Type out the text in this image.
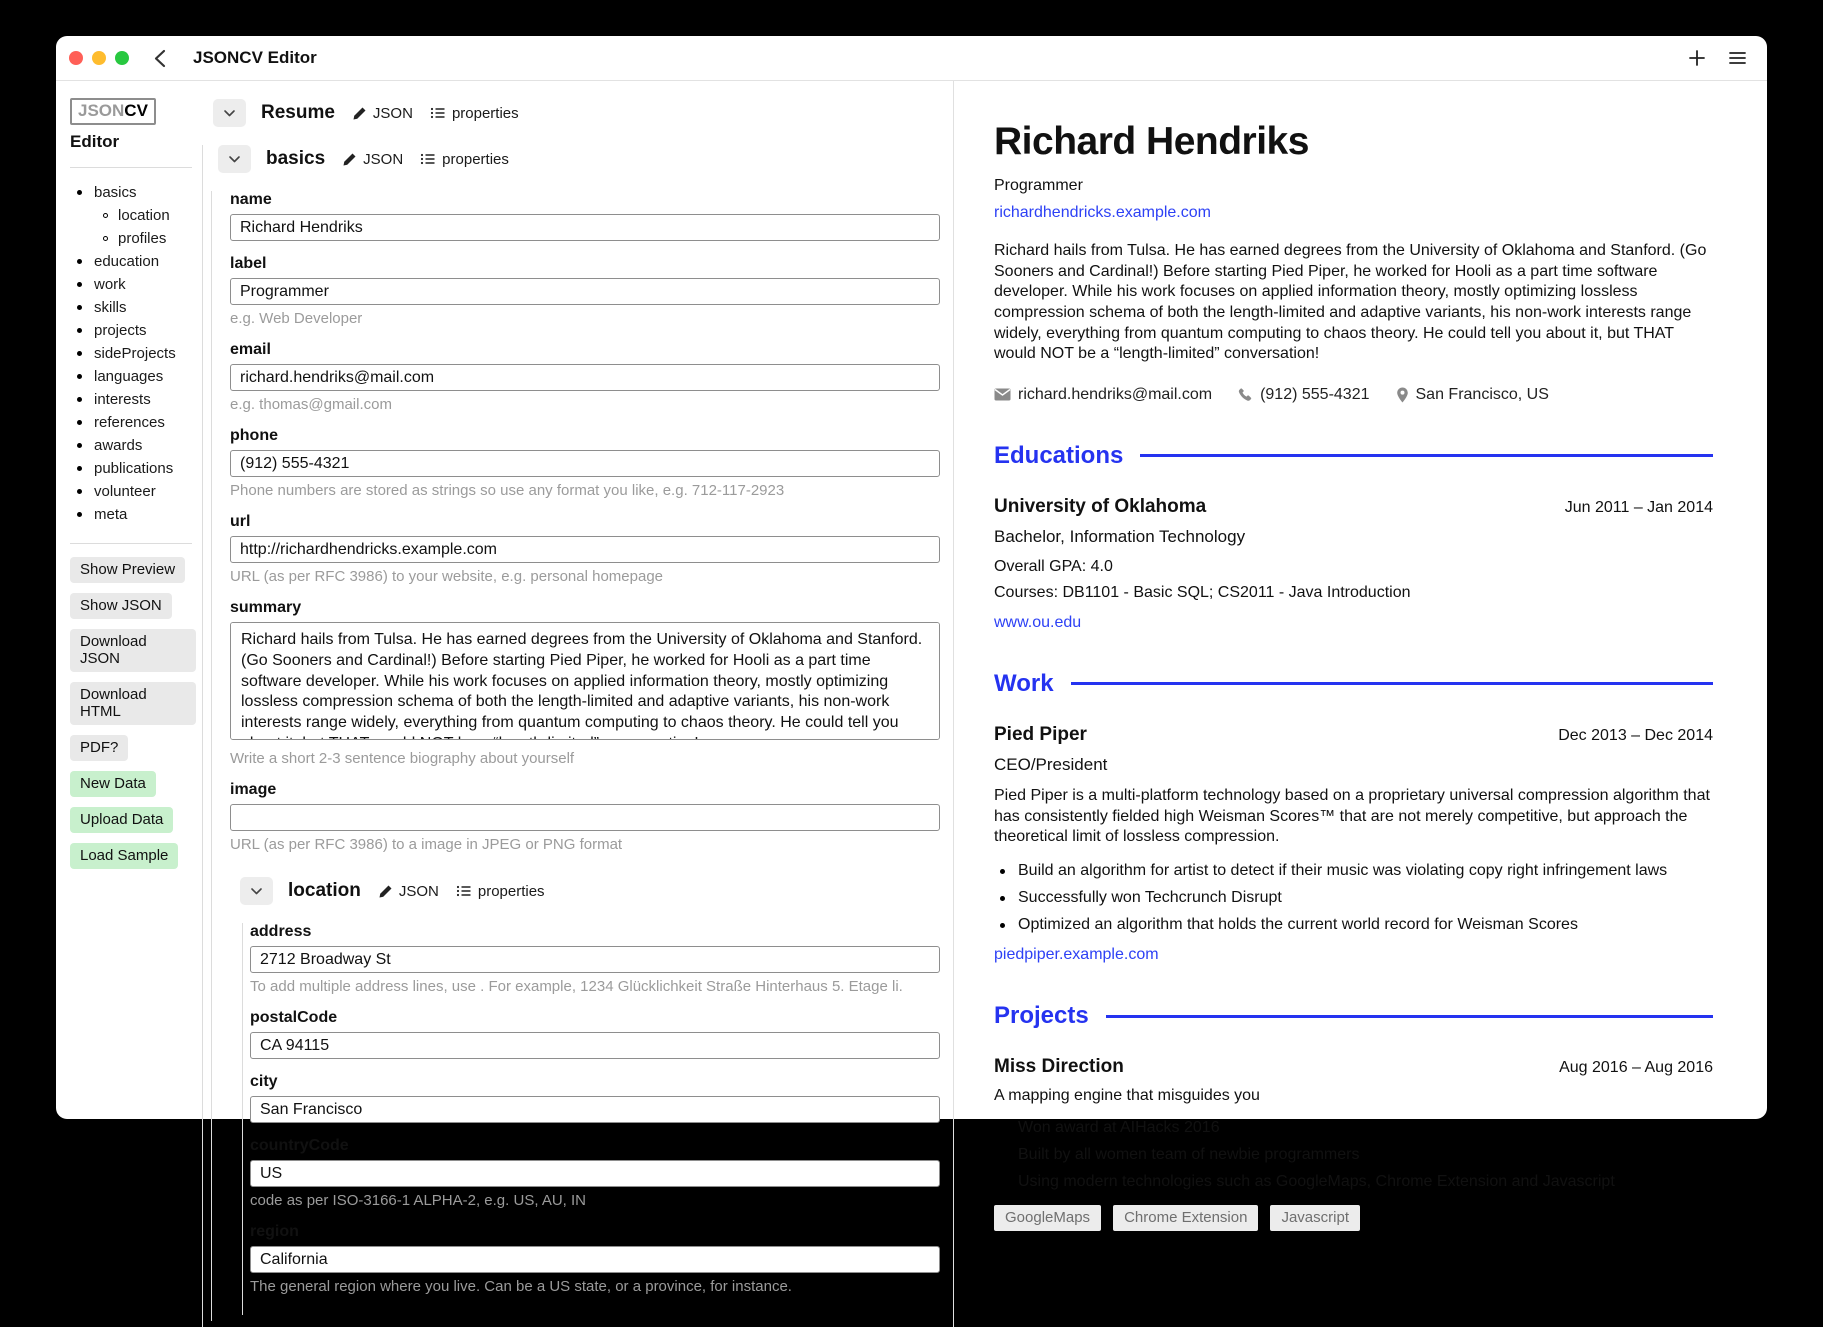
JSONCV Editor
JSONCV
Editor
basics
location
profiles
education
work
skills
projects
sideProjects
languages
interests
references
awards
publications
volunteer
meta
Show Preview
Show JSON
Download JSON
Download HTML
PDF?
New Data
Upload Data
Load Sample
Resume	JSON	properties
basics	JSON	properties
name
Richard Hendriks
label
Programmer
e.g. Web Developer
email
richard.hendriks@mail.com
e.g. thomas@gmail.com
phone
(912) 555-4321
Phone numbers are stored as strings so use any format you like, e.g. 712-117-2923
url
http://richardhendricks.example.com
URL (as per RFC 3986) to your website, e.g. personal homepage
summary
Richard hails from Tulsa. He has earned degrees from the University of Oklahoma and Stanford. (Go Sooners and Cardinal!) Before starting Pied Piper, he worked for Hooli as a part time software developer. While his work focuses on applied information theory, mostly optimizing lossless compression schema of both the length-limited and adaptive variants, his non-work interests range widely, everything from quantum computing to chaos theory. He could tell you about it, but THAT would NOT be a “length-limited” conversation!
Write a short 2-3 sentence biography about yourself
image
URL (as per RFC 3986) to a image in JPEG or PNG format
location	JSON	properties
address
2712 Broadway St
To add multiple address lines, use . For example, 1234 Glücklichkeit Straße Hinterhaus 5. Etage li.
postalCode
CA 94115
city
San Francisco
countryCode
US
code as per ISO-3166-1 ALPHA-2, e.g. US, AU, IN
region
California
The general region where you live. Can be a US state, or a province, for instance.
Richard Hendriks
Programmer
richardhendricks.example.com
Richard hails from Tulsa. He has earned degrees from the University of Oklahoma and Stanford. (Go Sooners and Cardinal!) Before starting Pied Piper, he worked for Hooli as a part time software developer. While his work focuses on applied information theory, mostly optimizing lossless compression schema of both the length-limited and adaptive variants, his non-work interests range widely, everything from quantum computing to chaos theory. He could tell you about it, but THAT would NOT be a “length-limited” conversation!
richard.hendriks@mail.com	(912) 555-4321	San Francisco, US
Educations
University of Oklahoma	Jun 2011 – Jan 2014
Bachelor, Information Technology
Overall GPA: 4.0
Courses: DB1101 - Basic SQL; CS2011 - Java Introduction
www.ou.edu
Work
Pied Piper	Dec 2013 – Dec 2014
CEO/President
Pied Piper is a multi-platform technology based on a proprietary universal compression algorithm that has consistently fielded high Weisman Scores™ that are not merely competitive, but approach the theoretical limit of lossless compression.
Build an algorithm for artist to detect if their music was violating copy right infringement laws
Successfully won Techcrunch Disrupt
Optimized an algorithm that holds the current world record for Weisman Scores
piedpiper.example.com
Projects
Miss Direction	Aug 2016 – Aug 2016
A mapping engine that misguides you
Won award at AIHacks 2016
Built by all women team of newbie programmers
Using modern technologies such as GoogleMaps, Chrome Extension and Javascript
GoogleMaps	Chrome Extension	Javascript
